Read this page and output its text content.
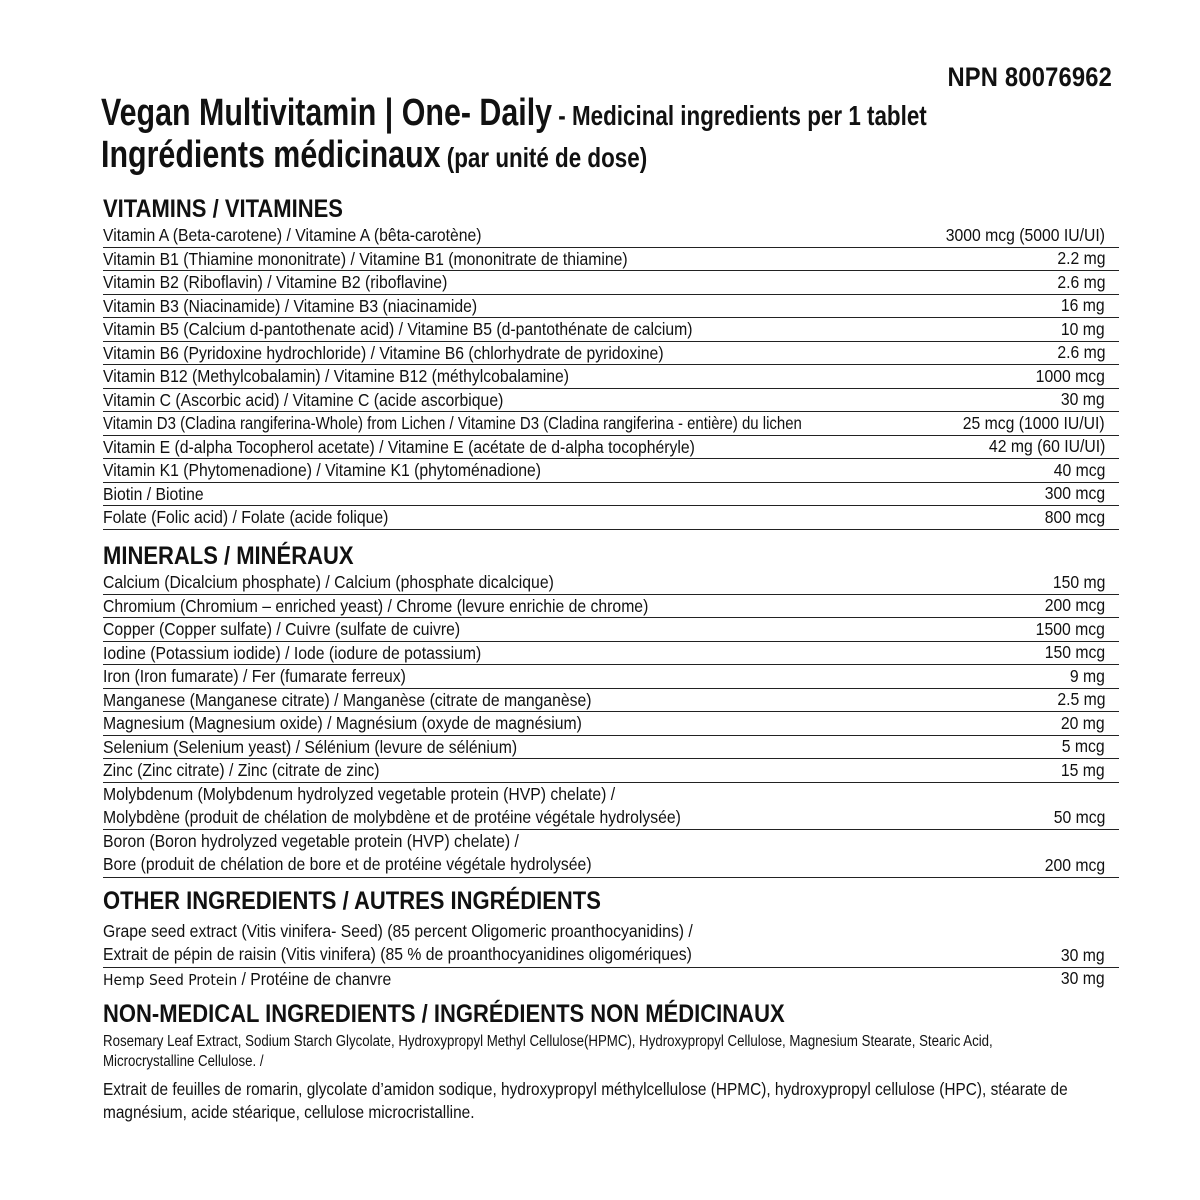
NPN 80076962
Vegan Multivitamin | One- Daily - Medicinal ingredients per 1 tablet
Ingrédients médicinaux (par unité de dose)
VITAMINS / VITAMINES
Vitamin A (Beta-carotene) / Vitamine A (bêta-carotène)	3000 mcg (5000 IU/UI)
Vitamin B1 (Thiamine mononitrate) / Vitamine B1 (mononitrate de thiamine)	2.2 mg
Vitamin B2 (Riboflavin) / Vitamine B2 (riboflavine)	2.6 mg
Vitamin B3 (Niacinamide) / Vitamine B3 (niacinamide)	16 mg
Vitamin B5 (Calcium d-pantothenate acid) / Vitamine B5 (d-pantothénate de calcium)	10 mg
Vitamin B6 (Pyridoxine hydrochloride) / Vitamine B6 (chlorhydrate de pyridoxine)	2.6 mg
Vitamin B12 (Methylcobalamin) / Vitamine B12 (méthylcobalamine)	1000 mcg
Vitamin C (Ascorbic acid) / Vitamine C (acide ascorbique)	30 mg
Vitamin D3 (Cladina rangiferina-Whole) from Lichen / Vitamine D3 (Cladina rangiferina - entière) du lichen	25 mcg (1000 IU/UI)
Vitamin E (d-alpha Tocopherol acetate) / Vitamine E (acétate de d-alpha tocophéryle)	42 mg (60 IU/UI)
Vitamin K1 (Phytomenadione) / Vitamine K1 (phytoménadione)	40 mcg
Biotin / Biotine	300 mcg
Folate (Folic acid) / Folate (acide folique)	800 mcg
MINERALS / MINÉRAUX
Calcium (Dicalcium phosphate) / Calcium (phosphate dicalcique)	150 mg
Chromium (Chromium – enriched yeast) / Chrome (levure enrichie de chrome)	200 mcg
Copper (Copper sulfate) / Cuivre (sulfate de cuivre)	1500 mcg
Iodine (Potassium iodide) / Iode (iodure de potassium)	150 mcg
Iron (Iron fumarate) / Fer (fumarate ferreux)	9 mg
Manganese (Manganese citrate) / Manganèse (citrate de manganèse)	2.5 mg
Magnesium (Magnesium oxide) / Magnésium (oxyde de magnésium)	20 mg
Selenium (Selenium yeast) / Sélénium (levure de sélénium)	5 mcg
Zinc (Zinc citrate) / Zinc (citrate de zinc)	15 mg
Molybdenum (Molybdenum hydrolyzed vegetable protein (HVP) chelate) /
Molybdène (produit de chélation de molybdène et de protéine végétale hydrolysée)	50 mcg
Boron (Boron hydrolyzed vegetable protein (HVP) chelate) /
Bore (produit de chélation de bore et de protéine végétale hydrolysée)	200 mcg
OTHER INGREDIENTS / AUTRES INGRÉDIENTS
Grape seed extract (Vitis vinifera- Seed) (85 percent Oligomeric proanthocyanidins) /
Extrait de pépin de raisin (Vitis vinifera) (85 % de proanthocyanidines oligomériques)	30 mg
Hemp Seed Protein / Protéine de chanvre	30 mg
NON-MEDICAL INGREDIENTS / INGRÉDIENTS NON MÉDICINAUX
Rosemary Leaf Extract, Sodium Starch Glycolate, Hydroxypropyl Methyl Cellulose(HPMC), Hydroxypropyl Cellulose, Magnesium Stearate, Stearic Acid, Microcrystalline Cellulose. /
Extrait de feuilles de romarin, glycolate d’amidon sodique, hydroxypropyl méthylcellulose (HPMC), hydroxypropyl cellulose (HPC), stéarate de magnésium, acide stéarique, cellulose microcristalline.
